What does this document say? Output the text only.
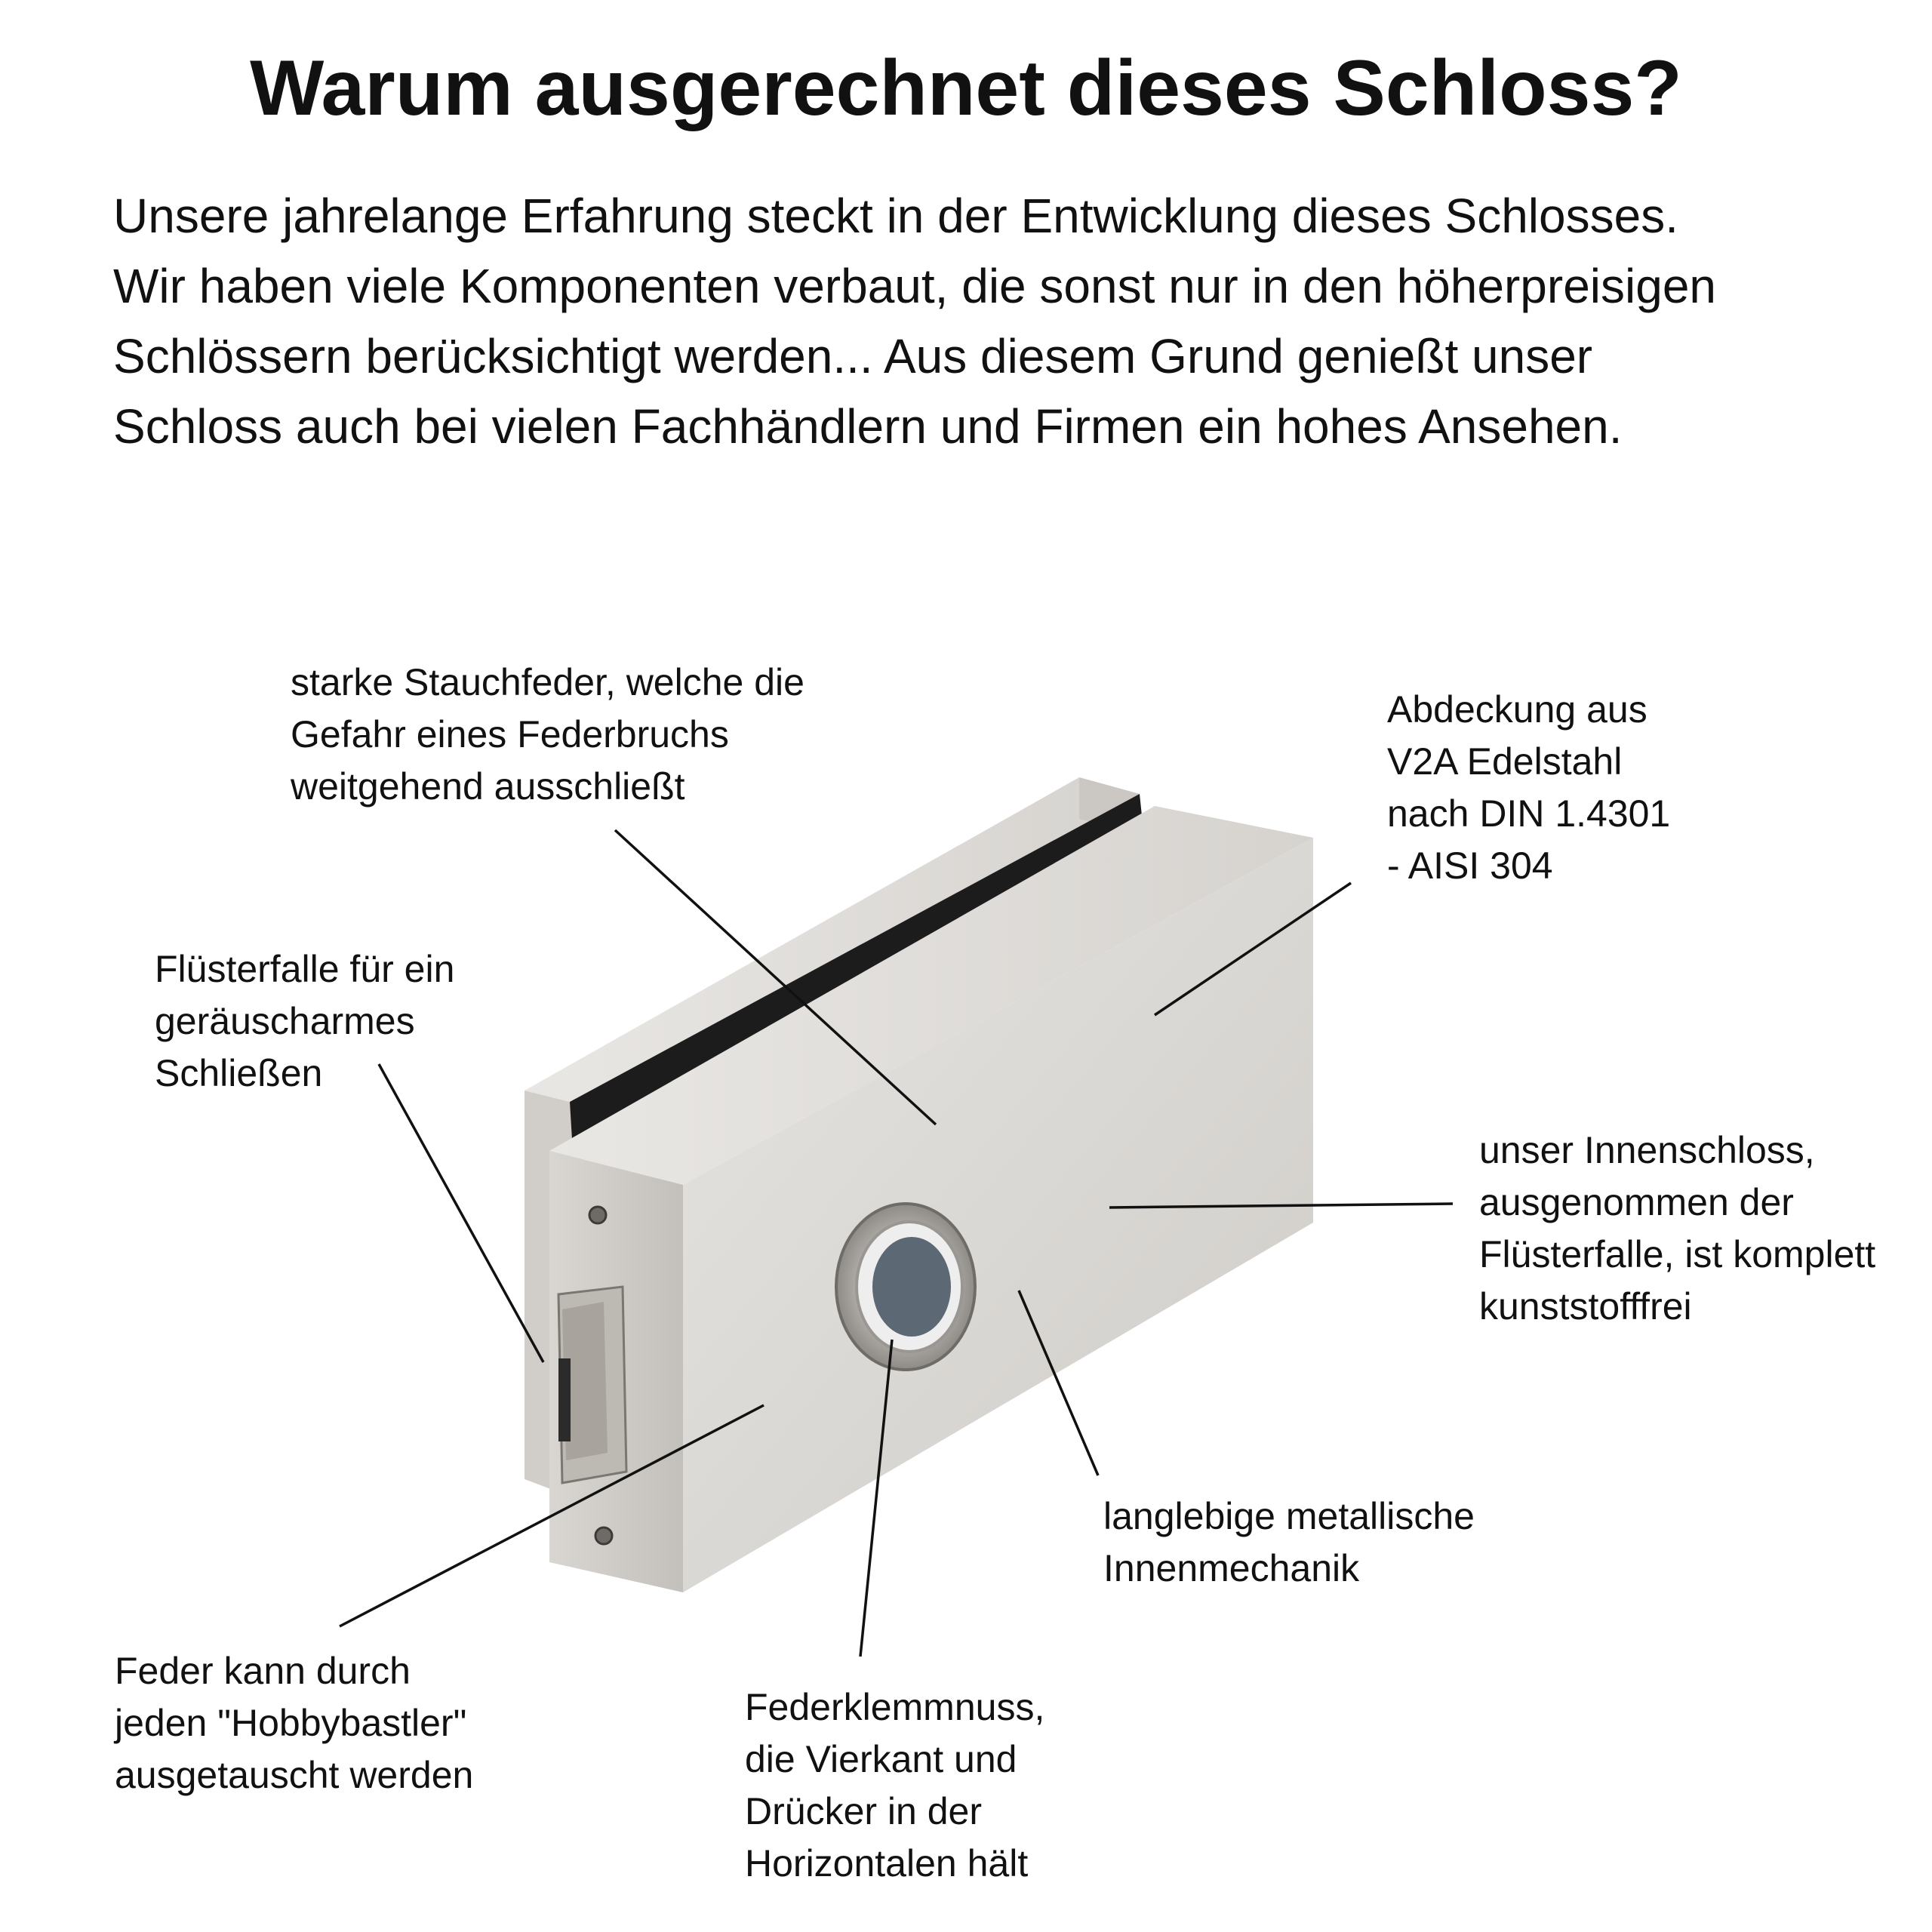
Warum ausgerechnet dieses Schloss?
Unsere jahrelange Erfahrung steckt in der Entwicklung dieses Schlosses.
Wir haben viele Komponenten verbaut, die sonst nur in den höherpreisigen
Schlössern berücksichtigt werden... Aus diesem Grund genießt unser
Schloss auch bei vielen Fachhändlern und Firmen ein hohes Ansehen.
starke Stauchfeder, welche die
Gefahr eines Federbruchs
weitgehend ausschließt
Abdeckung aus
V2A Edelstahl
nach DIN 1.4301
- AISI 304
Flüsterfalle für ein
geräuscharmes
Schließen
unser Innenschloss,
ausgenommen der
Flüsterfalle, ist komplett
kunststofffrei
langlebige metallische
Innenmechanik
Feder kann durch
jeden "Hobbybastler"
ausgetauscht werden
Federklemmnuss,
die Vierkant und
Drücker in der
Horizontalen hält
